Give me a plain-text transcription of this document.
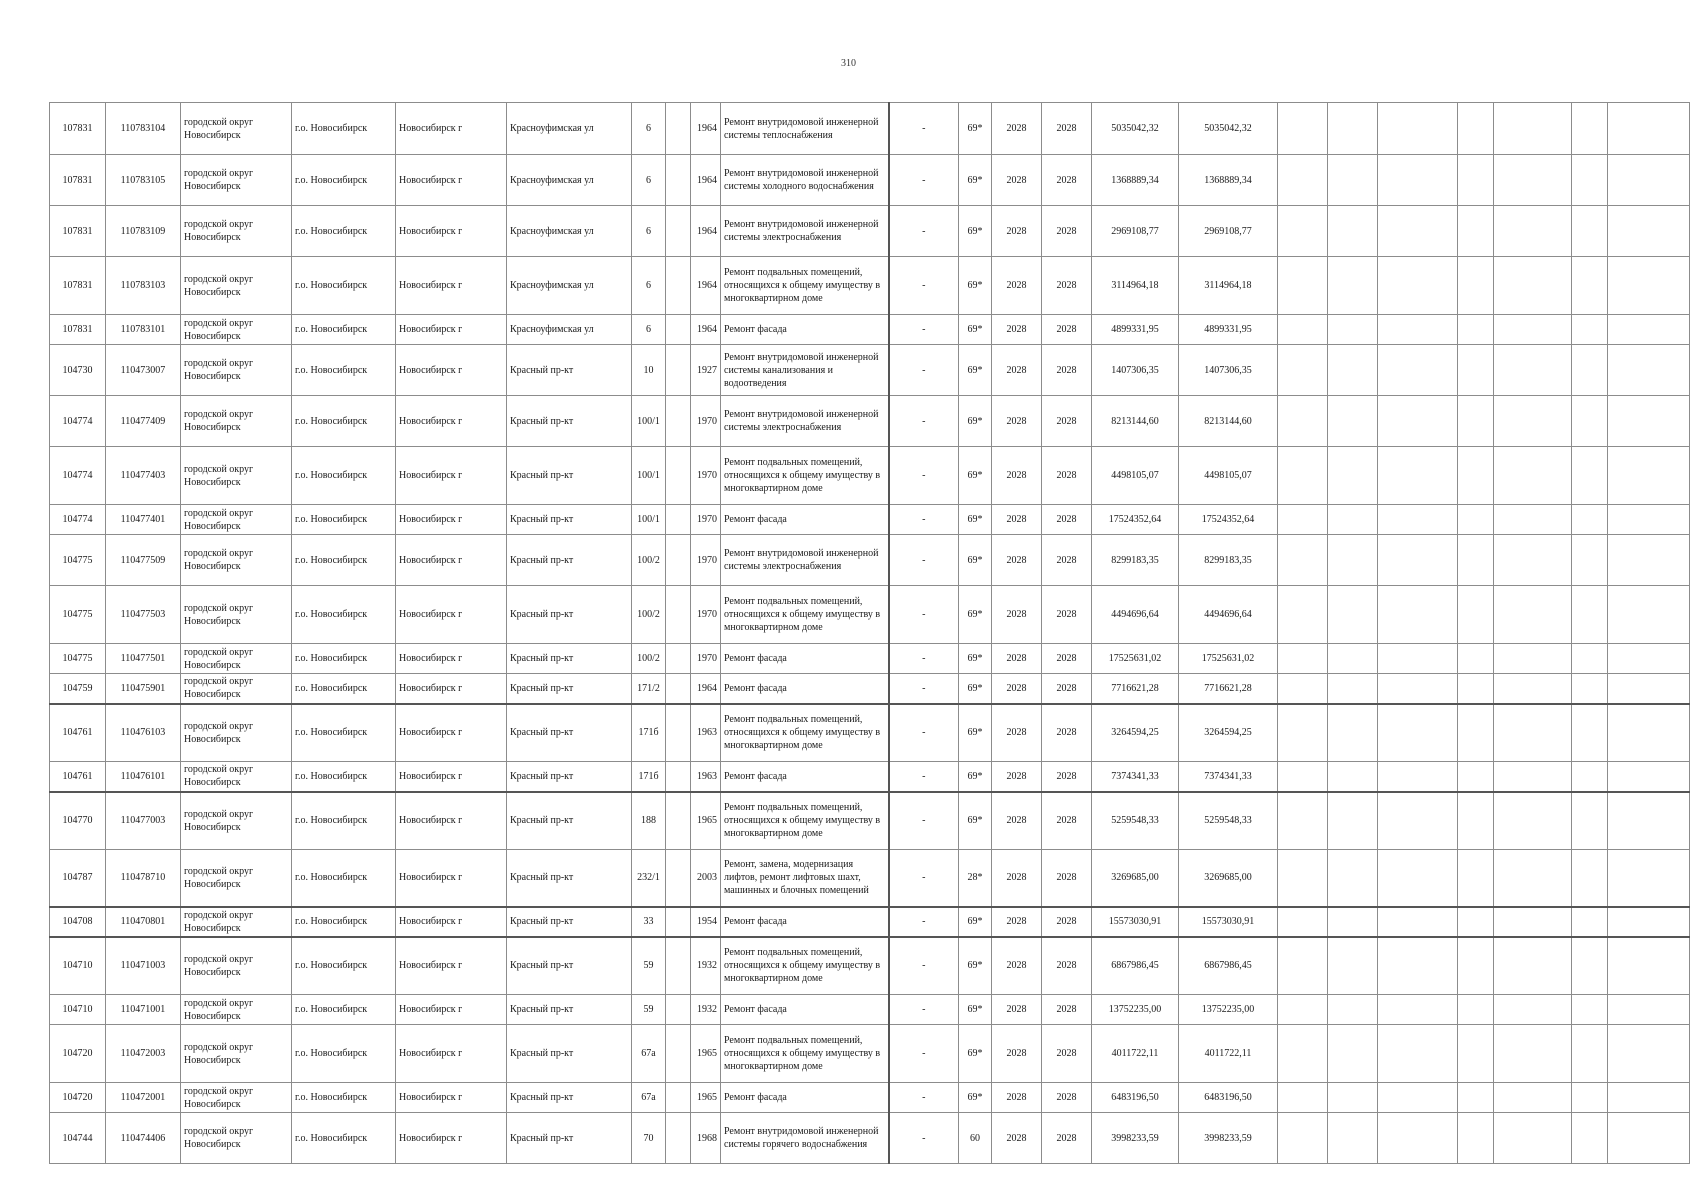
310
107831	110783104	городской округ Новосибирск	г.о. Новосибирск	Новосибирск г	Красноуфимская ул	6		1964	Ремонт внутридомовой инженерной системы теплоснабжения	-	69*	2028	2028	5035042,32	5035042,32							
107831	110783105	городской округ Новосибирск	г.о. Новосибирск	Новосибирск г	Красноуфимская ул	6		1964	Ремонт внутридомовой инженерной системы холодного водоснабжения	-	69*	2028	2028	1368889,34	1368889,34							
107831	110783109	городской округ Новосибирск	г.о. Новосибирск	Новосибирск г	Красноуфимская ул	6		1964	Ремонт внутридомовой инженерной системы электроснабжения	-	69*	2028	2028	2969108,77	2969108,77							
107831	110783103	городской округ Новосибирск	г.о. Новосибирск	Новосибирск г	Красноуфимская ул	6		1964	Ремонт подвальных помещений, относящихся к общему имуществу в многоквартирном доме	-	69*	2028	2028	3114964,18	3114964,18							
107831	110783101	городской округ Новосибирск	г.о. Новосибирск	Новосибирск г	Красноуфимская ул	6		1964	Ремонт фасада	-	69*	2028	2028	4899331,95	4899331,95							
104730	110473007	городской округ Новосибирск	г.о. Новосибирск	Новосибирск г	Красный пр-кт	10		1927	Ремонт внутридомовой инженерной системы канализования и водоотведения	-	69*	2028	2028	1407306,35	1407306,35							
104774	110477409	городской округ Новосибирск	г.о. Новосибирск	Новосибирск г	Красный пр-кт	100/1		1970	Ремонт внутридомовой инженерной системы электроснабжения	-	69*	2028	2028	8213144,60	8213144,60							
104774	110477403	городской округ Новосибирск	г.о. Новосибирск	Новосибирск г	Красный пр-кт	100/1		1970	Ремонт подвальных помещений, относящихся к общему имуществу в многоквартирном доме	-	69*	2028	2028	4498105,07	4498105,07							
104774	110477401	городской округ Новосибирск	г.о. Новосибирск	Новосибирск г	Красный пр-кт	100/1		1970	Ремонт фасада	-	69*	2028	2028	17524352,64	17524352,64							
104775	110477509	городской округ Новосибирск	г.о. Новосибирск	Новосибирск г	Красный пр-кт	100/2		1970	Ремонт внутридомовой инженерной системы электроснабжения	-	69*	2028	2028	8299183,35	8299183,35							
104775	110477503	городской округ Новосибирск	г.о. Новосибирск	Новосибирск г	Красный пр-кт	100/2		1970	Ремонт подвальных помещений, относящихся к общему имуществу в многоквартирном доме	-	69*	2028	2028	4494696,64	4494696,64							
104775	110477501	городской округ Новосибирск	г.о. Новосибирск	Новосибирск г	Красный пр-кт	100/2		1970	Ремонт фасада	-	69*	2028	2028	17525631,02	17525631,02							
104759	110475901	городской округ Новосибирск	г.о. Новосибирск	Новосибирск г	Красный пр-кт	171/2		1964	Ремонт фасада	-	69*	2028	2028	7716621,28	7716621,28							
104761	110476103	городской округ Новосибирск	г.о. Новосибирск	Новосибирск г	Красный пр-кт	171б		1963	Ремонт подвальных помещений, относящихся к общему имуществу в многоквартирном доме	-	69*	2028	2028	3264594,25	3264594,25							
104761	110476101	городской округ Новосибирск	г.о. Новосибирск	Новосибирск г	Красный пр-кт	171б		1963	Ремонт фасада	-	69*	2028	2028	7374341,33	7374341,33							
104770	110477003	городской округ Новосибирск	г.о. Новосибирск	Новосибирск г	Красный пр-кт	188		1965	Ремонт подвальных помещений, относящихся к общему имуществу в многоквартирном доме	-	69*	2028	2028	5259548,33	5259548,33							
104787	110478710	городской округ Новосибирск	г.о. Новосибирск	Новосибирск г	Красный пр-кт	232/1		2003	Ремонт, замена, модернизация лифтов, ремонт лифтовых шахт, машинных и блочных помещений	-	28*	2028	2028	3269685,00	3269685,00							
104708	110470801	городской округ Новосибирск	г.о. Новосибирск	Новосибирск г	Красный пр-кт	33		1954	Ремонт фасада	-	69*	2028	2028	15573030,91	15573030,91							
104710	110471003	городской округ Новосибирск	г.о. Новосибирск	Новосибирск г	Красный пр-кт	59		1932	Ремонт подвальных помещений, относящихся к общему имуществу в многоквартирном доме	-	69*	2028	2028	6867986,45	6867986,45							
104710	110471001	городской округ Новосибирск	г.о. Новосибирск	Новосибирск г	Красный пр-кт	59		1932	Ремонт фасада	-	69*	2028	2028	13752235,00	13752235,00							
104720	110472003	городской округ Новосибирск	г.о. Новосибирск	Новосибирск г	Красный пр-кт	67а		1965	Ремонт подвальных помещений, относящихся к общему имуществу в многоквартирном доме	-	69*	2028	2028	4011722,11	4011722,11							
104720	110472001	городской округ Новосибирск	г.о. Новосибирск	Новосибирск г	Красный пр-кт	67а		1965	Ремонт фасада	-	69*	2028	2028	6483196,50	6483196,50							
104744	110474406	городской округ Новосибирск	г.о. Новосибирск	Новосибирск г	Красный пр-кт	70		1968	Ремонт внутридомовой инженерной системы горячего водоснабжения	-	60	2028	2028	3998233,59	3998233,59							
